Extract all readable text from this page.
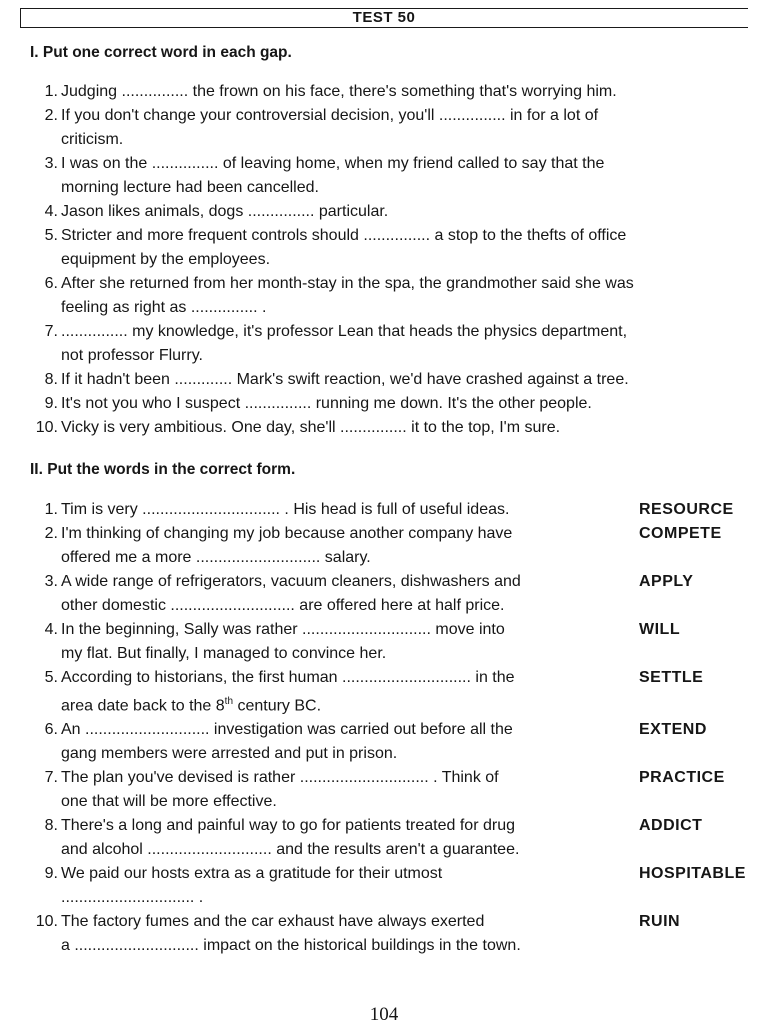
TEST 50
I. Put one correct word in each gap.
1. Judging ............... the frown on his face, there's something that's worrying him.
2. If you don't change your controversial decision, you'll ............... in for a lot of
criticism.
3. I was on the ............... of leaving home, when my friend called to say that the
morning lecture had been cancelled.
4. Jason likes animals, dogs ............... particular.
5. Stricter and more frequent controls should ............... a stop to the thefts of office
equipment by the employees.
6. After she returned from her month-stay in the spa, the grandmother said she was
feeling as right as ............... .
7. ............... my knowledge, it's professor Lean that heads the physics department,
not professor Flurry.
8. If it hadn't been ............. Mark's swift reaction, we'd have crashed against a tree.
9. It's not you who I suspect ............... running me down. It's the other people.
10. Vicky is very ambitious. One day, she'll ............... it to the top, I'm sure.
II. Put the words in the correct form.
1. Tim is very ............................... . His head is full of useful ideas.	RESOURCE
2. I'm thinking of changing my job because another company have
offered me a more ............................ salary.
COMPETE
3. A wide range of refrigerators, vacuum cleaners, dishwashers and
other domestic ............................ are offered here at half price.
APPLY
4. In the beginning, Sally was rather ............................. move into
my flat. But finally, I managed to convince her.
WILL
5. According to historians, the first human ............................. in the
area date back to the 8th century BC.
SETTLE
6. An ............................ investigation was carried out before all the
gang members were arrested and put in prison.
EXTEND
7. The plan you've devised is rather ............................. . Think of
one that will be more effective.
PRACTICE
8. There's a long and painful way to go for patients treated for drug
and alcohol ............................ and the results aren't a guarantee.
ADDICT
9. We paid our hosts extra as a gratitude for their utmost
.............................. .
HOSPITABLE
10. The factory fumes and the car exhaust have always exerted
a ............................ impact on the historical buildings in the town.
RUIN
104
